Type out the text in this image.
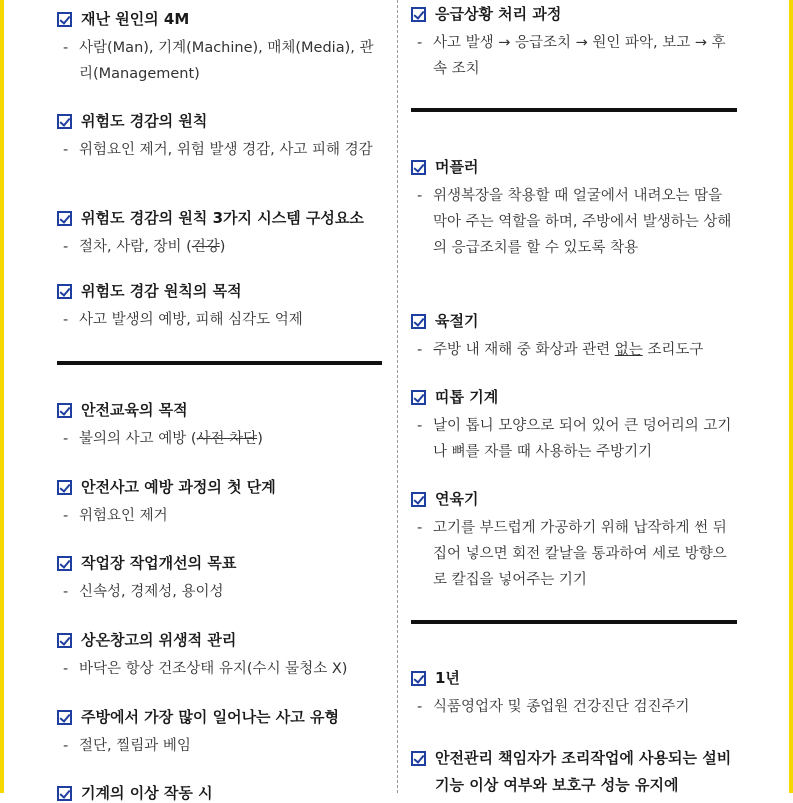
재난 원인의 4M
- 사람(Man), 기계(Machine), 매체(Media), 관리(Management)
위험도 경감의 원칙
- 위험요인 제거, 위험 발생 경감, 사고 피해 경감
위험도 경감의 원칙 3가지 시스템 구성요소
- 절차, 사람, 장비 (건강)
위험도 경감 원칙의 목적
- 사고 발생의 예방, 피해 심각도 억제
안전교육의 목적
- 불의의 사고 예방 (사전 차단)
안전사고 예방 과정의 첫 단계
- 위험요인 제거
작업장 작업개선의 목표
- 신속성, 경제성, 용이성
상온창고의 위생적 관리
- 바닥은 항상 건조상태 유지(수시 물청소 X)
주방에서 가장 많이 일어나는 사고 유형
- 절단, 찔림과 베임
기계의 이상 작동 시
응급상황 처리 과정
- 사고 발생 → 응급조치 → 원인 파악, 보고 → 후속 조치
머플러
- 위생복장을 착용할 때 얼굴에서 내려오는 땀을 막아 주는 역할을 하며, 주방에서 발생하는 상해의 응급조치를 할 수 있도록 착용
육절기
- 주방 내 재해 중 화상과 관련 없는 조리도구
띠톱 기계
- 날이 톱니 모양으로 되어 있어 큰 덩어리의 고기나 뼈를 자를 때 사용하는 주방기기
연육기
- 고기를 부드럽게 가공하기 위해 납작하게 썬 뒤 집어 넣으면 회전 칼날을 통과하여 세로 방향으로 칼집을 넣어주는 기기
1년
- 식품영업자 및 종업원 건강진단 검진주기
안전관리 책임자가 조리작업에 사용되는 설비기능 이상 여부와 보호구 성능 유지에
